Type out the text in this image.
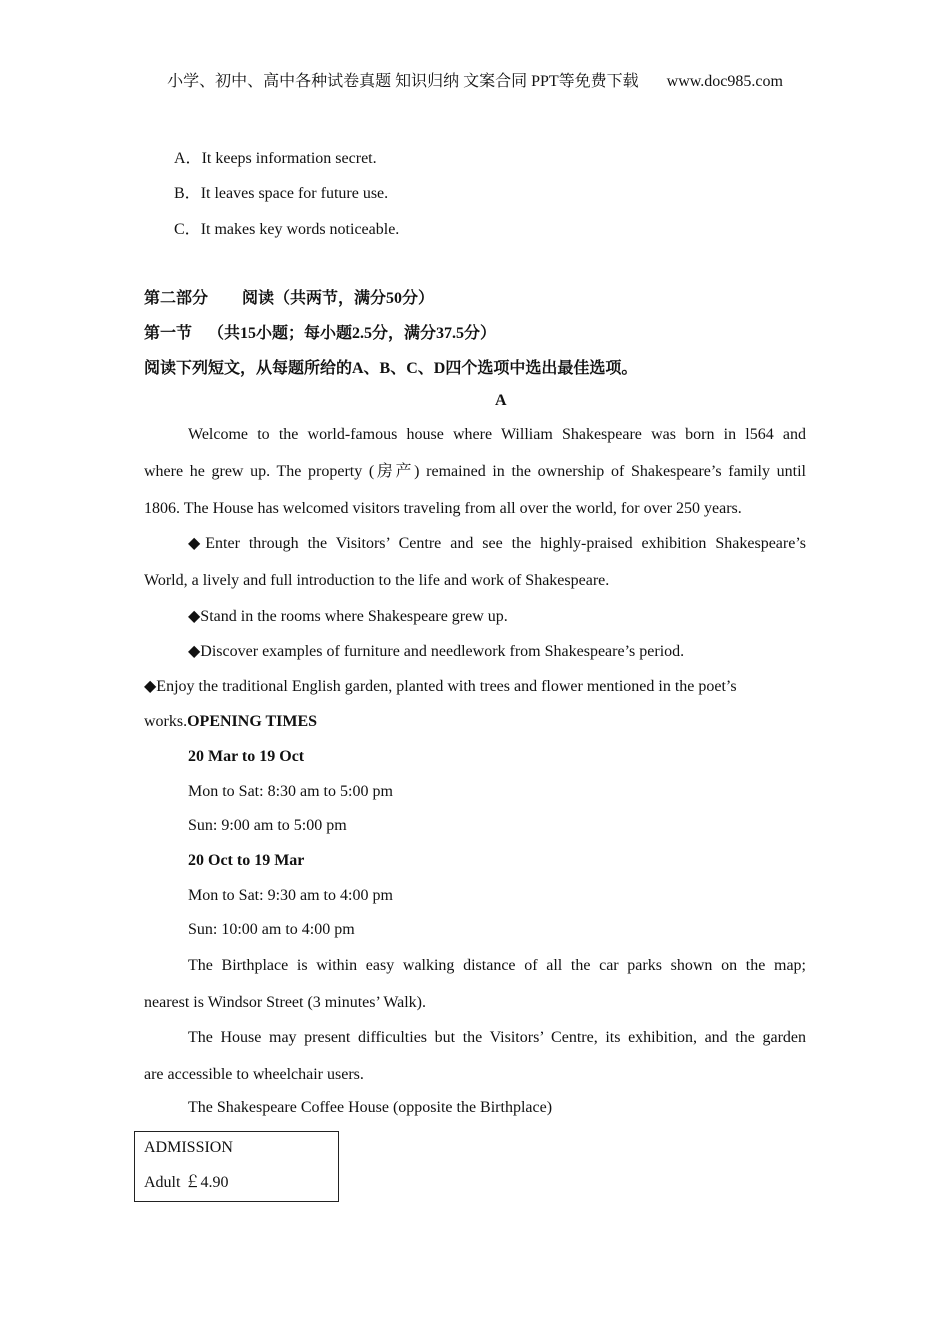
小学、初中、高中各种试卷真题 知识归纳 文案合同 PPT等免费下载 www.doc985.com
A．It keeps information secret.
B．It leaves space for future use.
C．It makes key words noticeable.
第二部分 阅读（共两节，满分50分）
第一节 （共15小题；每小题2.5分，满分37.5分）
阅读下列短文，从每题所给的A、B、C、D四个选项中选出最佳选项。
A
Welcome to the world-famous house where William Shakespeare was born in l564 and
where he grew up. The property (房产) remained in the ownership of Shakespeare’s family until
1806. The House has welcomed visitors traveling from all over the world, for over 250 years.
◆Enter through the Visitors’ Centre and see the highly-praised exhibition Shakespeare’s
World, a lively and full introduction to the life and work of Shakespeare.
◆Stand in the rooms where Shakespeare grew up.
◆Discover examples of furniture and needlework from Shakespeare’s period.
◆Enjoy the traditional English garden, planted with trees and flower mentioned in the poet’s
works.OPENING TIMES
20 Mar to 19 Oct
Mon to Sat: 8:30 am to 5:00 pm
Sun: 9:00 am to 5:00 pm
20 Oct to 19 Mar
Mon to Sat: 9:30 am to 4:00 pm
Sun: 10:00 am to 4:00 pm
The Birthplace is within easy walking distance of all the car parks shown on the map;
nearest is Windsor Street (3 minutes’ Walk).
The House may present difficulties but the Visitors’ Centre, its exhibition, and the garden
are accessible to wheelchair users.
The Shakespeare Coffee House (opposite the Birthplace)
ADMISSION
Adult ￡4.90
